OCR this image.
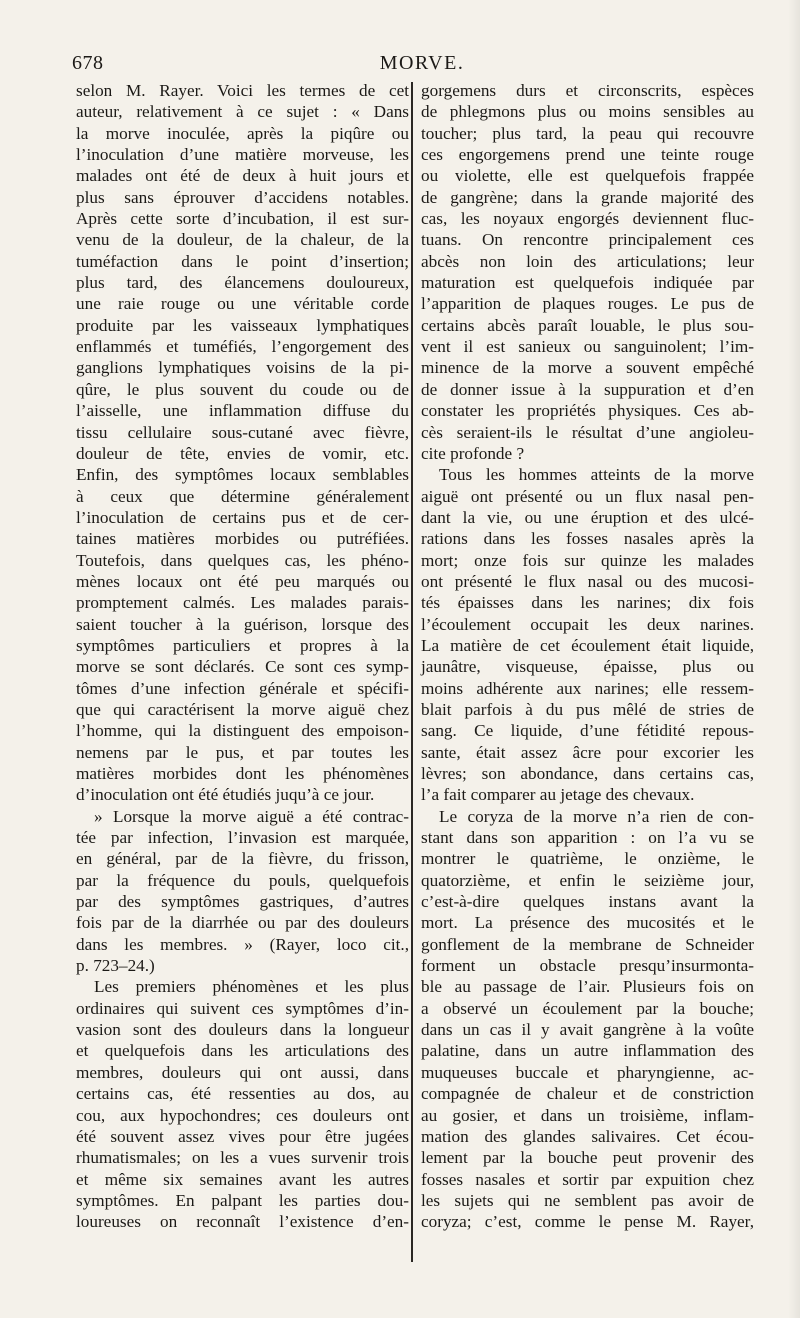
678	MORVE.
selon M. Rayer. Voici les termes de cet
auteur, relativement à ce sujet : « Dans
la morve inoculée, après la piqûre ou
l’inoculation d’une matière morveuse, les
malades ont été de deux à huit jours et
plus sans éprouver d’accidens notables.
Après cette sorte d’incubation, il est sur-
venu de la douleur, de la chaleur, de la
tuméfaction dans le point d’insertion;
plus tard, des élancemens douloureux,
une raie rouge ou une véritable corde
produite par les vaisseaux lymphatiques
enflammés et tuméfiés, l’engorgement des
ganglions lymphatiques voisins de la pi-
qûre, le plus souvent du coude ou de
l’aisselle, une inflammation diffuse du
tissu cellulaire sous-cutané avec fièvre,
douleur de tête, envies de vomir, etc.
Enfin, des symptômes locaux semblables
à ceux que détermine généralement
l’inoculation de certains pus et de cer-
taines matières morbides ou putréfiées.
Toutefois, dans quelques cas, les phéno-
mènes locaux ont été peu marqués ou
promptement calmés. Les malades parais-
saient toucher à la guérison, lorsque des
symptômes particuliers et propres à la
morve se sont déclarés. Ce sont ces symp-
tômes d’une infection générale et spécifi-
que qui caractérisent la morve aiguë chez
l’homme, qui la distinguent des empoison-
nemens par le pus, et par toutes les
matières morbides dont les phénomènes
d’inoculation ont été étudiés juqu’à ce jour.
» Lorsque la morve aiguë a été contrac-
tée par infection, l’invasion est marquée,
en général, par de la fièvre, du frisson,
par la fréquence du pouls, quelquefois
par des symptômes gastriques, d’autres
fois par de la diarrhée ou par des douleurs
dans les membres. » (Rayer, loco cit.,
p. 723–24.)
Les premiers phénomènes et les plus
ordinaires qui suivent ces symptômes d’in-
vasion sont des douleurs dans la longueur
et quelquefois dans les articulations des
membres, douleurs qui ont aussi, dans
certains cas, été ressenties au dos, au
cou, aux hypochondres; ces douleurs ont
été souvent assez vives pour être jugées
rhumatismales; on les a vues survenir trois
et même six semaines avant les autres
symptômes. En palpant les parties dou-
loureuses on reconnaît l’existence d’en-
gorgemens durs et circonscrits, espèces
de phlegmons plus ou moins sensibles au
toucher; plus tard, la peau qui recouvre
ces engorgemens prend une teinte rouge
ou violette, elle est quelquefois frappée
de gangrène; dans la grande majorité des
cas, les noyaux engorgés deviennent fluc-
tuans. On rencontre principalement ces
abcès non loin des articulations; leur
maturation est quelquefois indiquée par
l’apparition de plaques rouges. Le pus de
certains abcès paraît louable, le plus sou-
vent il est sanieux ou sanguinolent; l’im-
minence de la morve a souvent empêché
de donner issue à la suppuration et d’en
constater les propriétés physiques. Ces ab-
cès seraient-ils le résultat d’une angioleu-
cite profonde ?
Tous les hommes atteints de la morve
aiguë ont présenté ou un flux nasal pen-
dant la vie, ou une éruption et des ulcé-
rations dans les fosses nasales après la
mort; onze fois sur quinze les malades
ont présenté le flux nasal ou des mucosi-
tés épaisses dans les narines; dix fois
l’écoulement occupait les deux narines.
La matière de cet écoulement était liquide,
jaunâtre, visqueuse, épaisse, plus ou
moins adhérente aux narines; elle ressem-
blait parfois à du pus mêlé de stries de
sang. Ce liquide, d’une fétidité repous-
sante, était assez âcre pour excorier les
lèvres; son abondance, dans certains cas,
l’a fait comparer au jetage des chevaux.
Le coryza de la morve n’a rien de con-
stant dans son apparition : on l’a vu se
montrer le quatrième, le onzième, le
quatorzième, et enfin le seizième jour,
c’est-à-dire quelques instans avant la
mort. La présence des mucosités et le
gonflement de la membrane de Schneider
forment un obstacle presqu’insurmonta-
ble au passage de l’air. Plusieurs fois on
a observé un écoulement par la bouche;
dans un cas il y avait gangrène à la voûte
palatine, dans un autre inflammation des
muqueuses buccale et pharyngienne, ac-
compagnée de chaleur et de constriction
au gosier, et dans un troisième, inflam-
mation des glandes salivaires. Cet écou-
lement par la bouche peut provenir des
fosses nasales et sortir par expuition chez
les sujets qui ne semblent pas avoir de
coryza; c’est, comme le pense M. Rayer,
